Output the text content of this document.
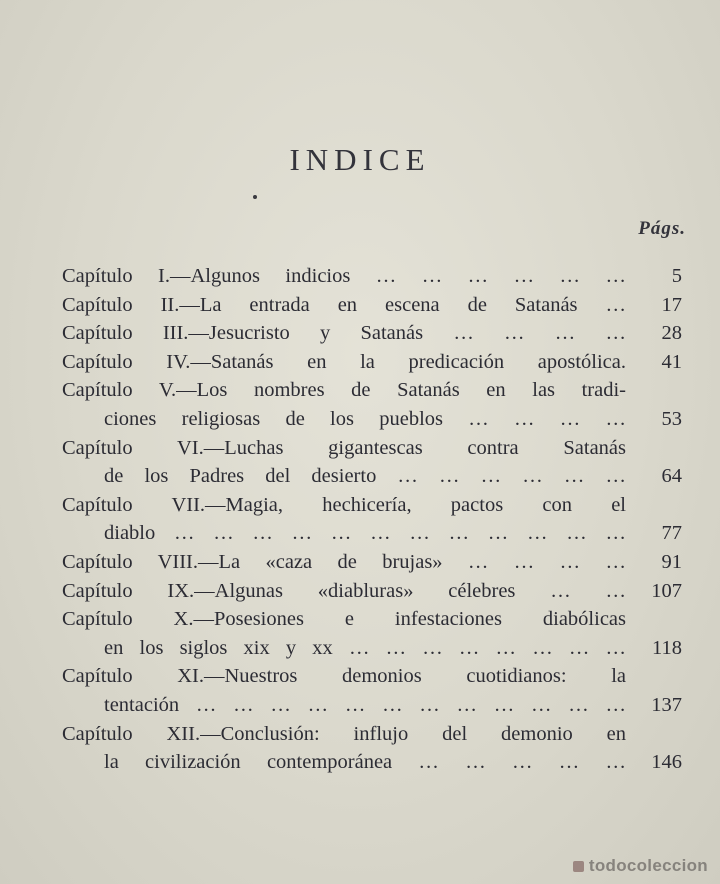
INDICE
Págs.
Capítulo I.—Algunos indicios … … … … … …	5
Capítulo II.—La entrada en escena de Satanás …	17
Capítulo III.—Jesucristo y Satanás … … … …	28
Capítulo IV.—Satanás en la predicación apostólica.	41
Capítulo V.—Los nombres de Satanás en las tradi-
ciones religiosas de los pueblos … … … …	53
Capítulo VI.—Luchas gigantescas contra Satanás
de los Padres del desierto … … … … … …	64
Capítulo VII.—Magia, hechicería, pactos con el
diablo … … … … … … … … … … … …	77
Capítulo VIII.—La «caza de brujas» … … … …	91
Capítulo IX.—Algunas «diabluras» célebres … …	107
Capítulo X.—Posesiones e infestaciones diabólicas
en los siglos xix y xx … … … … … … … …	118
Capítulo XI.—Nuestros demonios cuotidianos: la
tentación … … … … … … … … … … … …	137
Capítulo XII.—Conclusión: influjo del demonio en
la civilización contemporánea … … … … …	146
todocoleccion
